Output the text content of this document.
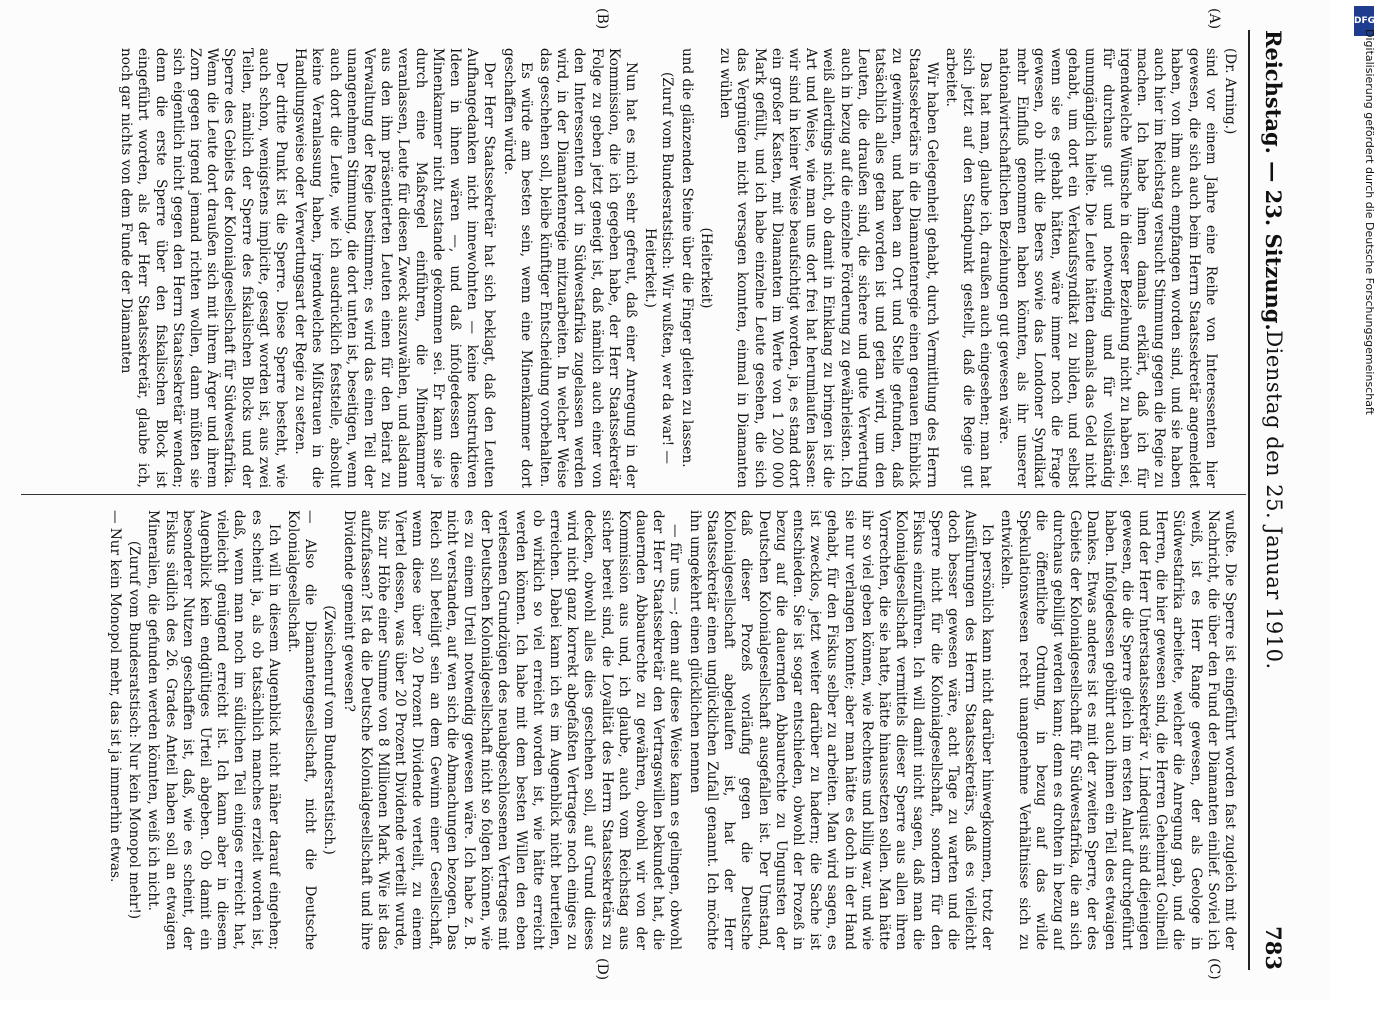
Reichstag. — 23. Sitzung.
Dienstag den 25. Januar 1910.
783
(A)
(B)
(C)
(D)

(Dr. Arning.)

sind vor einem Jahre eine Reihe von Interessenten hier gewesen, die sich auch beim Herrn Staatssekretär angemeldet haben, von ihm auch empfangen worden sind, und sie haben auch hier im Reichstag versucht Stimmung gegen die Regie zu machen. Ich habe ihnen damals erklärt, daß ich für irgendwelche Wünsche in dieser Beziehung nicht zu haben sei, für durchaus gut und notwendig und für vollständig unumgänglich hielte. Die Leute hätten damals das Geld nicht gehabt, um dort ein Verkaufssyndikat zu bilden, und selbst wenn sie es gehabt hätten, wäre immer noch die Frage gewesen, ob nicht die Beers sowie das Londoner Syndikat mehr Einfluß genommen haben könnten, als ihr unserer nationalwirtschaftlichen Beziehungen gut gewesen wäre.

Das hat man, glaube ich, draußen auch eingesehen; man hat sich jetzt auf den Standpunkt gestellt, daß die Regie gut arbeitet.

Wir haben Gelegenheit gehabt, durch Vermittlung des Herrn Staatssekretärs in die Diamantenregie einen genauen Einblick zu gewinnen, und haben an Ort und Stelle gefunden, daß tatsächlich alles getan worden ist und getan wird, um den Leuten, die draußen sind, die sichere und gute Verwertung auch in bezug auf die einzelne Förderung zu gewährleisten. Ich weiß allerdings nicht, ob damit in Einklang zu bringen ist die Art und Weise, wie man uns dort frei hat herumlaufen lassen: wir sind in keiner Weise beaufsichtigt worden, ja, es stand dort ein großer Kasten, mit Diamanten im Werte von 1 200 000 Mark gefüllt, und ich habe einzelne Leute gesehen, die sich das Vergnügen nicht versagen konnten, einmal in Diamanten zu wühlen

(Heiterkeit)

und die glänzenden Steine über die Finger gleiten zu lassen.

(Zuruf vom Bundesratstisch: Wir wußten, wer da war! — Heiterkeit.)

Nun hat es mich sehr gefreut, daß einer Anregung in der Kommission, die ich gegeben habe, der Herr Staatssekretär Folge zu geben jetzt geneigt ist, daß nämlich auch einer von den Interessenten dort in Südwestafrika zugelassen werden wird, in der Diamantenregie mitzuarbeiten. In welcher Weise das geschehen soll, bleibe künftiger Entscheidung vorbehalten.

Es würde am besten sein, wenn eine Minenkammer dort geschaffen würde.

Der Herr Staatssekretär hat sich beklagt, daß den Leuten Aufhangedanken nicht innewohnten — keine konstruktiven Ideen in ihnen wären —, und daß infolgedessen diese Minenkammer nicht zustande gekommen sei. Er kann sie ja durch eine Maßregel einführen, die Minenkammer veranlassen, Leute für diesen Zweck auszuwählen, und alsdann aus den ihm präsentierten Leuten einen für den Beirat zu Verwaltung der Regie bestimmen; es wird das einen Teil der unangenehmen Stimmung, die dort unten ist, beseitigen, wenn auch dort die Leute, wie ich ausdrücklich feststelle, absolut keine Veranlassung haben, irgendwelches Mißtrauen in die Handlungsweise oder Verwertungsart der Regie zu setzen.

Der dritte Punkt ist die Sperre. Diese Sperre besteht, wie auch schon, wenigstens implicite, gesagt worden ist, aus zwei Teilen, nämlich der Sperre des fiskalischen Blocks und der Sperre des Gebiets der Kolonialgesellschaft für Südwestafrika. Wenn die Leute dort draußen sich mit ihrem Ärger und ihrem Zorn gegen irgend jemand richten wollen, dann müßten sie sich eigentlich nicht gegen den Herrn Staatssekretär wenden; denn die erste Sperre über den fiskalischen Block ist eingeführt worden, als der Herr Staatssekretär, glaube ich, noch gar nichts von dem Funde der Diamanten

wußte. Die Sperre ist eingeführt worden fast zugleich mit der Nachricht, die über den Fund der Diamanten einlief. Soviel ich weiß, ist es Herr Range gewesen, der als Geologe in Südwestafrika arbeitete, welcher die Anregung gab, und die Herren, die hier gewesen sind, die Herren Geheimrat Golinelli und der Herr Unterstaatssekretär v. Lindequist sind diejenigen gewesen, die die Sperre gleich im ersten Anlauf durchgeführt haben. Infolgedessen gebührt auch ihnen ein Teil des etwaigen Dankes. Etwas anderes ist es mit der zweiten Sperre, der des Gebiets der Kolonialgesellschaft für Südwestafrika, die an sich durchaus gebilligt werden kann; denn es drohten in bezug auf die öffentliche Ordnung, in bezug auf das wilde Spekulationswesen recht unangenehme Verhältnisse sich zu entwickeln.

Ich persönlich kann nicht darüber hinwegkommen, trotz der Ausführungen des Herrn Staatssekretärs, daß es vielleicht doch besser gewesen wäre, acht Tage zu warten und die Sperre nicht für die Kolonialgesellschaft, sondern für den Fiskus einzuführen. Ich will damit nicht sagen, daß man die Kolonialgesellschaft vermittels dieser Sperre aus allen ihren Vorrechten, die sie hatte, hätte hinaussetzen sollen. Man hätte ihr so viel geben können, wie Rechtens und billig war, und wie sie nur verlangen konnte; aber man hätte es doch in der Hand gehabt, für den Fiskus selber zu arbeiten. Man wird sagen, es ist zwecklos, jetzt weiter darüber zu hadern; die Sache ist entschieden. Sie ist sogar entschieden, obwohl der Prozeß in bezug auf die dauernden Abbaurechte zu Ungunsten der Deutschen Kolonialgesellschaft ausgefallen ist. Der Umstand, daß dieser Prozeß vorläufig gegen die Deutsche Kolonialgesellschaft abgelaufen ist, hat der Herr Staatssekretär einen unglücklichen Zufall genannt. Ich möchte ihn umgekehrt einen glücklichen nennen

— für uns —; denn auf diese Weise kann es gelingen, obwohl der Herr Staatssekretär den Vertragswillen bekundet hat, die dauernden Abbaurechte zu gewähren, obwohl wir von der Kommission aus und, ich glaube, auch vom Reichstag aus sicher bereit sind, die Loyalität des Herrn Staatssekretärs zu decken, obwohl alles dies geschehen soll, auf Grund dieses wird nicht ganz korrekt abgefaßten Vertrages noch einiges zu erreichen. Dabei kann ich es im Augenblick nicht beurteilen, ob wirklich so viel erreicht worden ist, wie hätte erreicht werden können. Ich habe mit dem besten Willen den eben verlesenen Grundzügen des neuabgeschlossenen Vertrages mit der Deutschen Kolonialgesellschaft nicht so folgen können, wie es zu einem Urteil notwendig gewesen wäre. Ich habe z. B. nicht verstanden, auf wen sich die Abmachungen bezogen. Das Reich soll beteiligt sein an dem Gewinn einer Gesellschaft, wenn diese über 20 Prozent Dividende verteilt, zu einem Viertel dessen, was über 20 Prozent Dividende verteilt wurde, bis zur Höhe einer Summe von 8 Millionen Mark. Wie ist das aufzufassen? Ist da die Deutsche Kolonialgesellschaft und ihre Dividende gemeint gewesen?

(Zwischenruf vom Bundesratstisch.)

— Also die Diamantengesellschaft, nicht die Deutsche Kolonialgesellschaft.

Ich will in diesem Augenblick nicht näher darauf eingehen; es scheint ja, als ob tatsächlich manches erzielt worden ist, daß, wenn man noch im südlichen Teil einiges erreicht hat, vielleicht genügend erreicht ist. Ich kann aber in diesem Augenblick kein endgültiges Urteil abgeben. Ob damit ein besonderer Nutzen geschaffen ist, daß, wie es scheint, der Fiskus südlich des 26. Grades Anteil haben soll an etwaigen Mineralien, die gefunden werden könnten, weiß ich nicht.

(Zuruf vom Bundesratstisch: Nur kein Monopol mehr!)

— Nur kein Monopol mehr, das ist ja immerhin etwas.

DFG
Digitalisierung gefördert durch die Deutsche Forschungsgemeinschaft
